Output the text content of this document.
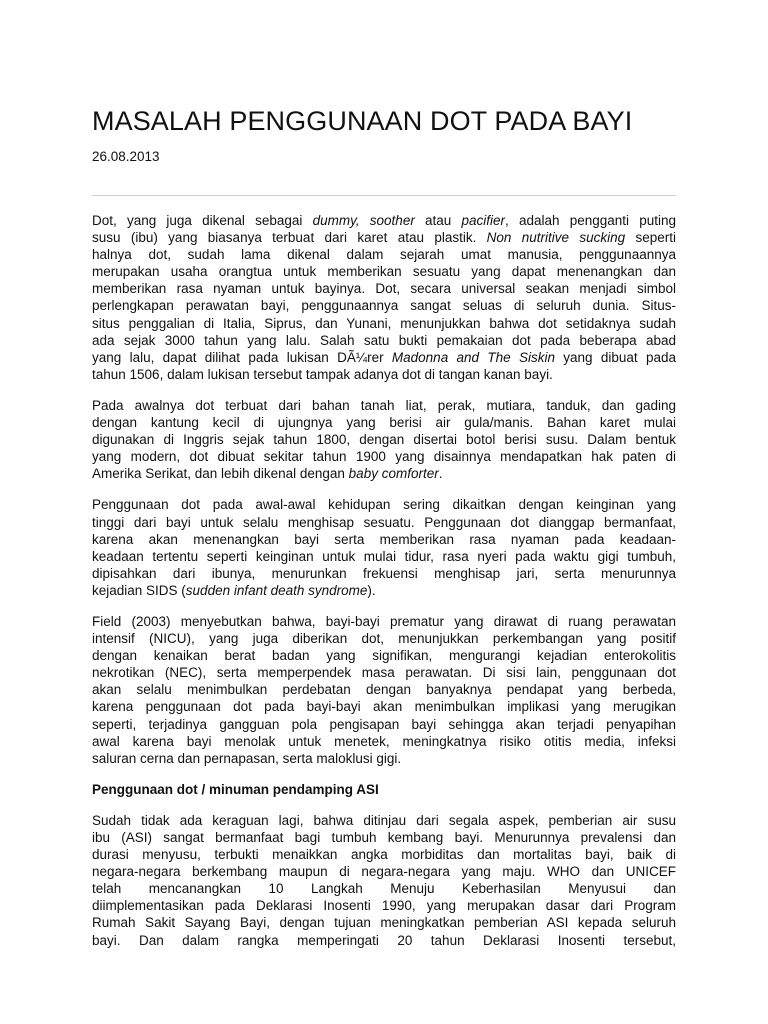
MASALAH PENGGUNAAN DOT PADA BAYI
26.08.2013

Dot, yang juga dikenal sebagai dummy, soother atau pacifier, adalah pengganti puting
susu (ibu) yang biasanya terbuat dari karet atau plastik. Non nutritive sucking seperti
halnya dot, sudah lama dikenal dalam sejarah umat manusia, penggunaannya
merupakan usaha orangtua untuk memberikan sesuatu yang dapat menenangkan dan
memberikan rasa nyaman untuk bayinya. Dot, secara universal seakan menjadi simbol
perlengkapan perawatan bayi, penggunaannya sangat seluas di seluruh dunia. Situs-
situs penggalian di Italia, Siprus, dan Yunani, menunjukkan bahwa dot setidaknya sudah
ada sejak 3000 tahun yang lalu. Salah satu bukti pemakaian dot pada beberapa abad
yang lalu, dapat dilihat pada lukisan DÃ¼rer Madonna and The Siskin yang dibuat pada
tahun 1506, dalam lukisan tersebut tampak adanya dot di tangan kanan bayi.

Pada awalnya dot terbuat dari bahan tanah liat, perak, mutiara, tanduk, dan gading
dengan kantung kecil di ujungnya yang berisi air gula/manis. Bahan karet mulai
digunakan di Inggris sejak tahun 1800, dengan disertai botol berisi susu. Dalam bentuk
yang modern, dot dibuat sekitar tahun 1900 yang disainnya mendapatkan hak paten di
Amerika Serikat, dan lebih dikenal dengan baby comforter.

Penggunaan dot pada awal-awal kehidupan sering dikaitkan dengan keinginan yang
tinggi dari bayi untuk selalu menghisap sesuatu. Penggunaan dot dianggap bermanfaat,
karena akan menenangkan bayi serta memberikan rasa nyaman pada keadaan-
keadaan tertentu seperti keinginan untuk mulai tidur, rasa nyeri pada waktu gigi tumbuh,
dipisahkan dari ibunya, menurunkan frekuensi menghisap jari, serta menurunnya
kejadian SIDS (sudden infant death syndrome).

Field (2003) menyebutkan bahwa, bayi-bayi prematur yang dirawat di ruang perawatan
intensif (NICU), yang juga diberikan dot, menunjukkan perkembangan yang positif
dengan kenaikan berat badan yang signifikan, mengurangi kejadian enterokolitis
nekrotikan (NEC), serta memperpendek masa perawatan. Di sisi lain, penggunaan dot
akan selalu menimbulkan perdebatan dengan banyaknya pendapat yang berbeda,
karena penggunaan dot pada bayi-bayi akan menimbulkan implikasi yang merugikan
seperti, terjadinya gangguan pola pengisapan bayi sehingga akan terjadi penyapihan
awal karena bayi menolak untuk menetek, meningkatnya risiko otitis media, infeksi
saluran cerna dan pernapasan, serta maloklusi gigi.

Penggunaan dot / minuman pendamping ASI

Sudah tidak ada keraguan lagi, bahwa ditinjau dari segala aspek, pemberian air susu
ibu (ASI) sangat bermanfaat bagi tumbuh kembang bayi. Menurunnya prevalensi dan
durasi menyusu, terbukti menaikkan angka morbiditas dan mortalitas bayi, baik di
negara-negara berkembang maupun di negara-negara yang maju. WHO dan UNICEF
telah mencanangkan 10 Langkah Menuju Keberhasilan Menyusui dan
diimplementasikan pada Deklarasi Inosenti 1990, yang merupakan dasar dari Program
Rumah Sakit Sayang Bayi, dengan tujuan meningkatkan pemberian ASI kepada seluruh
bayi. Dan dalam rangka memperingati 20 tahun Deklarasi Inosenti tersebut,
